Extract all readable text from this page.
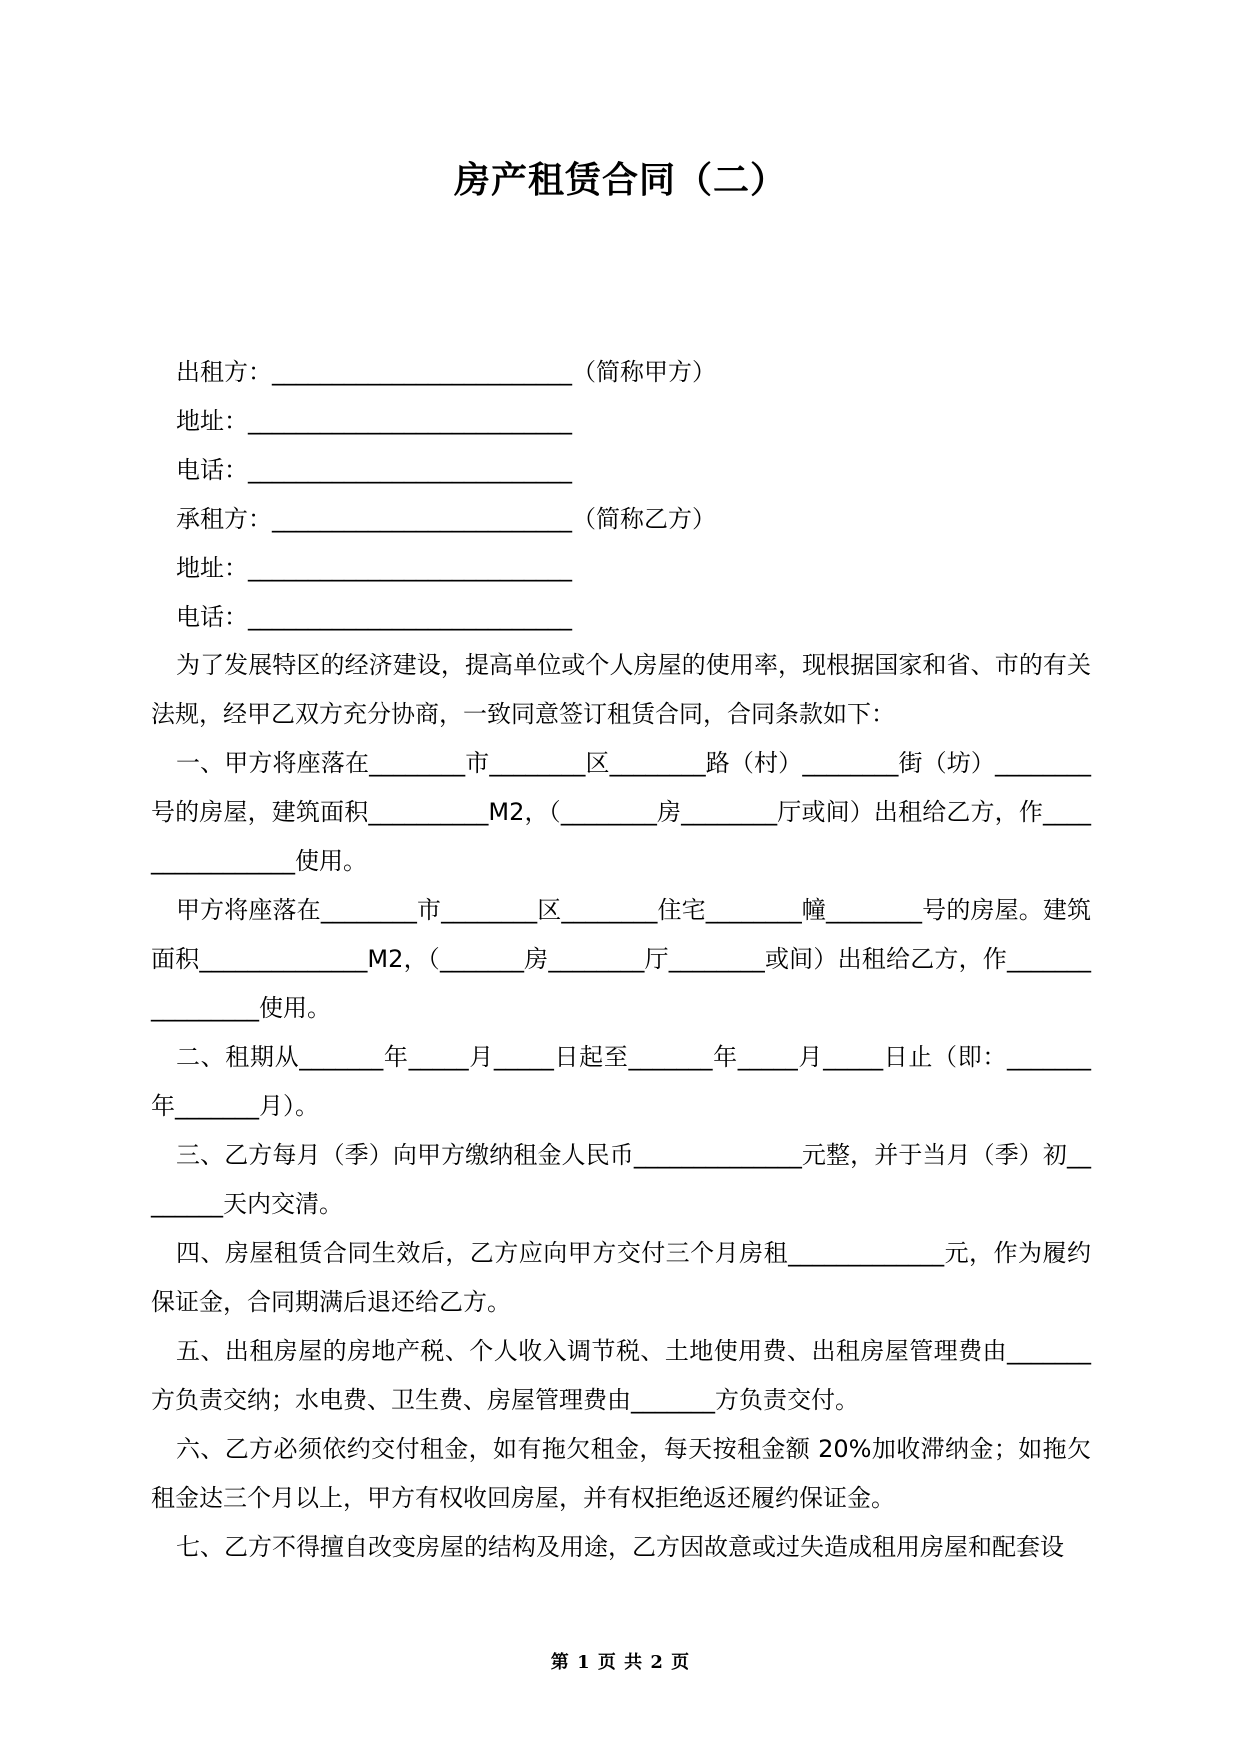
房产租赁合同（二）
出租方：_________________________（简称甲方）
地址：___________________________
电话：___________________________
承租方：_________________________（简称乙方）
地址：___________________________
电话：___________________________

为了发展特区的经济建设，提高单位或个人房屋的使用率，现根据国家和省、市的有关法规，经甲乙双方充分协商，一致同意签订租赁合同，合同条款如下：

一、甲方将座落在________市________区________路（村）________街（坊）________号的房屋，建筑面积__________M2，（________房________厅或间）出租给乙方，作________________使用。

甲方将座落在________市________区________住宅________幢________号的房屋。建筑面积______________M2，（_______房________厅________或间）出租给乙方，作________________使用。

二、租期从_______年_____月_____日起至_______年_____月_____日止（即：_______年_______月）。

三、乙方每月（季）向甲方缴纳租金人民币______________元整，并于当月（季）初________天内交清。

四、房屋租赁合同生效后，乙方应向甲方交付三个月房租_____________元，作为履约保证金，合同期满后退还给乙方。

五、出租房屋的房地产税、个人收入调节税、土地使用费、出租房屋管理费由_______方负责交纳；水电费、卫生费、房屋管理费由_______方负责交付。

六、乙方必须依约交付租金，如有拖欠租金，每天按租金额 20%加收滞纳金；如拖欠租金达三个月以上，甲方有权收回房屋，并有权拒绝返还履约保证金。

七、乙方不得擅自改变房屋的结构及用途，乙方因故意或过失造成租用房屋和配套设

第 1 页 共 2 页
